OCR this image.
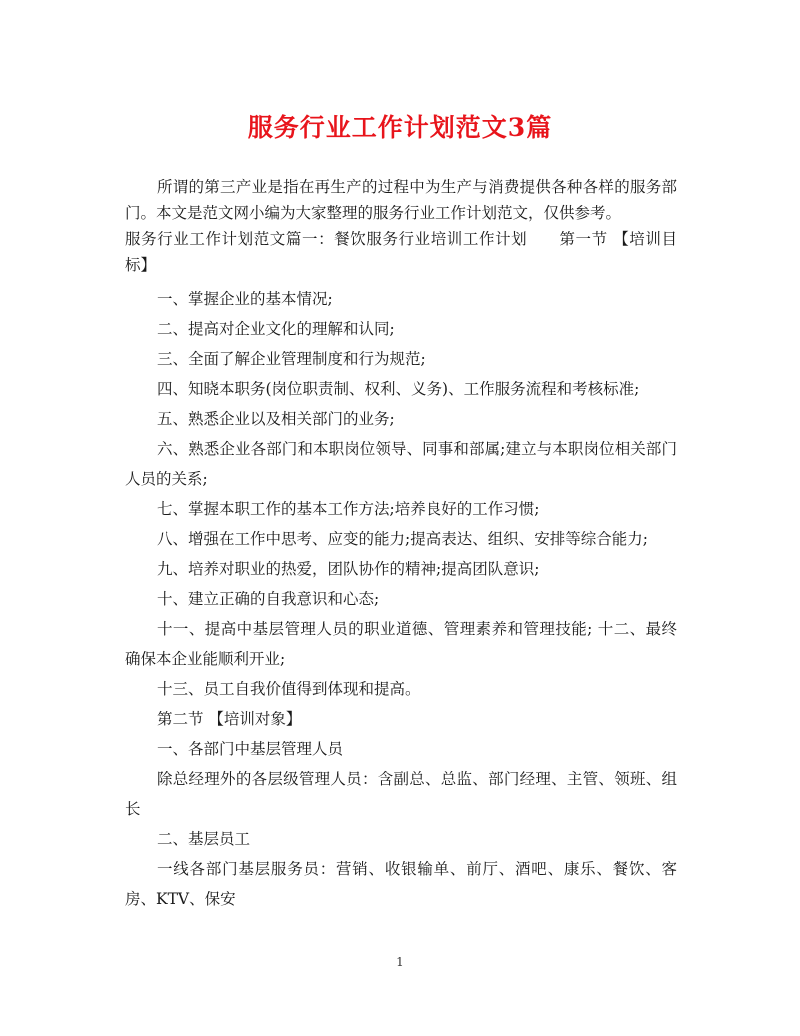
服务行业工作计划范文3篇

所谓的第三产业是指在再生产的过程中为生产与消费提供各种各样的服务部门。本文是范文网小编为大家整理的服务行业工作计划范文，仅供参考。

服务行业工作计划范文篇一：餐饮服务行业培训工作计划　　第一节 【培训目标】

一、掌握企业的基本情况;

二、提高对企业文化的理解和认同;

三、全面了解企业管理制度和行为规范;

四、知晓本职务(岗位职责制、权利、义务)、工作服务流程和考核标准;

五、熟悉企业以及相关部门的业务;

六、熟悉企业各部门和本职岗位领导、同事和部属;建立与本职岗位相关部门人员的关系;

七、掌握本职工作的基本工作方法;培养良好的工作习惯;

八、增强在工作中思考、应变的能力;提高表达、组织、安排等综合能力;

九、培养对职业的热爱，团队协作的精神;提高团队意识;

十、建立正确的自我意识和心态;

十一、提高中基层管理人员的职业道德、管理素养和管理技能; 十二、最终确保本企业能顺利开业;

十三、员工自我价值得到体现和提高。

第二节 【培训对象】

一、各部门中基层管理人员

除总经理外的各层级管理人员：含副总、总监、部门经理、主管、领班、组长

二、基层员工

一线各部门基层服务员：营销、收银输单、前厅、酒吧、康乐、餐饮、客房、KTV、保安

1
